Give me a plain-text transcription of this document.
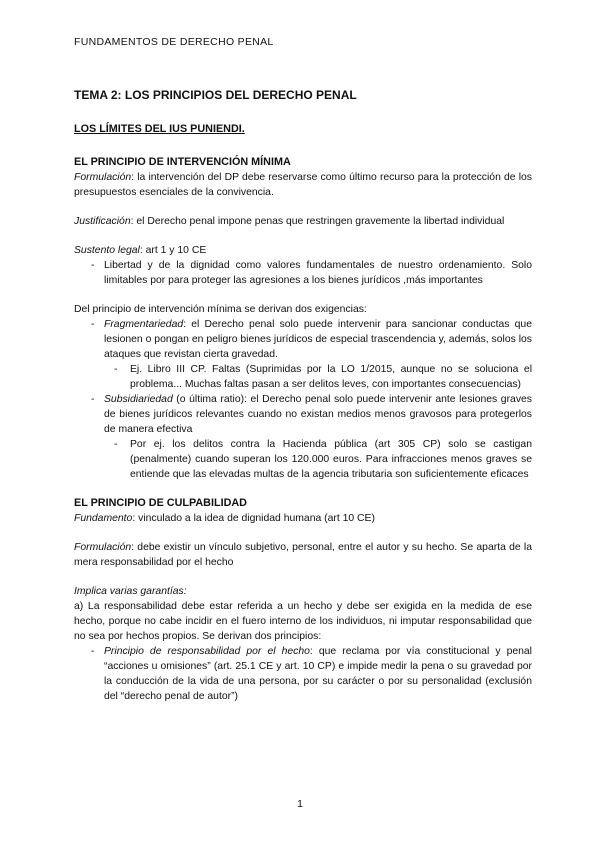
FUNDAMENTOS DE DERECHO PENAL

TEMA 2: LOS PRINCIPIOS DEL DERECHO PENAL

LOS LÍMITES DEL IUS PUNIENDI.

EL PRINCIPIO DE INTERVENCIÓN MÍNIMA

Formulación: la intervención del DP debe reservarse como último recurso para la protección de los presupuestos esenciales de la convivencia.

Justificación: el Derecho penal impone penas que restringen gravemente la libertad individual

Sustento legal: art 1 y 10 CE

- Libertad y de la dignidad como valores fundamentales de nuestro ordenamiento. Solo limitables por para proteger las agresiones a los bienes jurídicos ,más importantes

Del principio de intervención mínima se derivan dos exigencias:

- Fragmentariedad: el Derecho penal solo puede intervenir para sancionar conductas que lesionen o pongan en peligro bienes jurídicos de especial trascendencia y, además, solos los ataques que revistan cierta gravedad.
- Ej. Libro III CP. Faltas (Suprimidas por la LO 1/2015, aunque no se soluciona el problema... Muchas faltas pasan a ser delitos leves, con importantes consecuencias)
- Subsidiariedad (o última ratio): el Derecho penal solo puede intervenir ante lesiones graves de bienes jurídicos relevantes cuando no existan medios menos gravosos para protegerlos de manera efectiva
- Por ej. los delitos contra la Hacienda pública (art 305 CP) solo se castigan (penalmente) cuando superan los 120.000 euros. Para infracciones menos graves se entiende que las elevadas multas de la agencia tributaria son suficientemente eficaces

EL PRINCIPIO DE CULPABILIDAD

Fundamento: vinculado a la idea de dignidad humana (art 10 CE)

Formulación: debe existir un vínculo subjetivo, personal, entre el autor y su hecho. Se aparta de la mera responsabilidad por el hecho

Implica varias garantías:

a) La responsabilidad debe estar referida a un hecho y debe ser exigida en la medida de ese hecho, porque no cabe incidir en el fuero interno de los individuos, ni imputar responsabilidad que no sea por hechos propios. Se derivan dos principios:

- Principio de responsabilidad por el hecho: que reclama por vía constitucional y penal “acciones u omisiones” (art. 25.1 CE y art. 10 CP) e impide medir la pena o su gravedad por la conducción de la vida de una persona, por su carácter o por su personalidad (exclusión del “derecho penal de autor”)
1
